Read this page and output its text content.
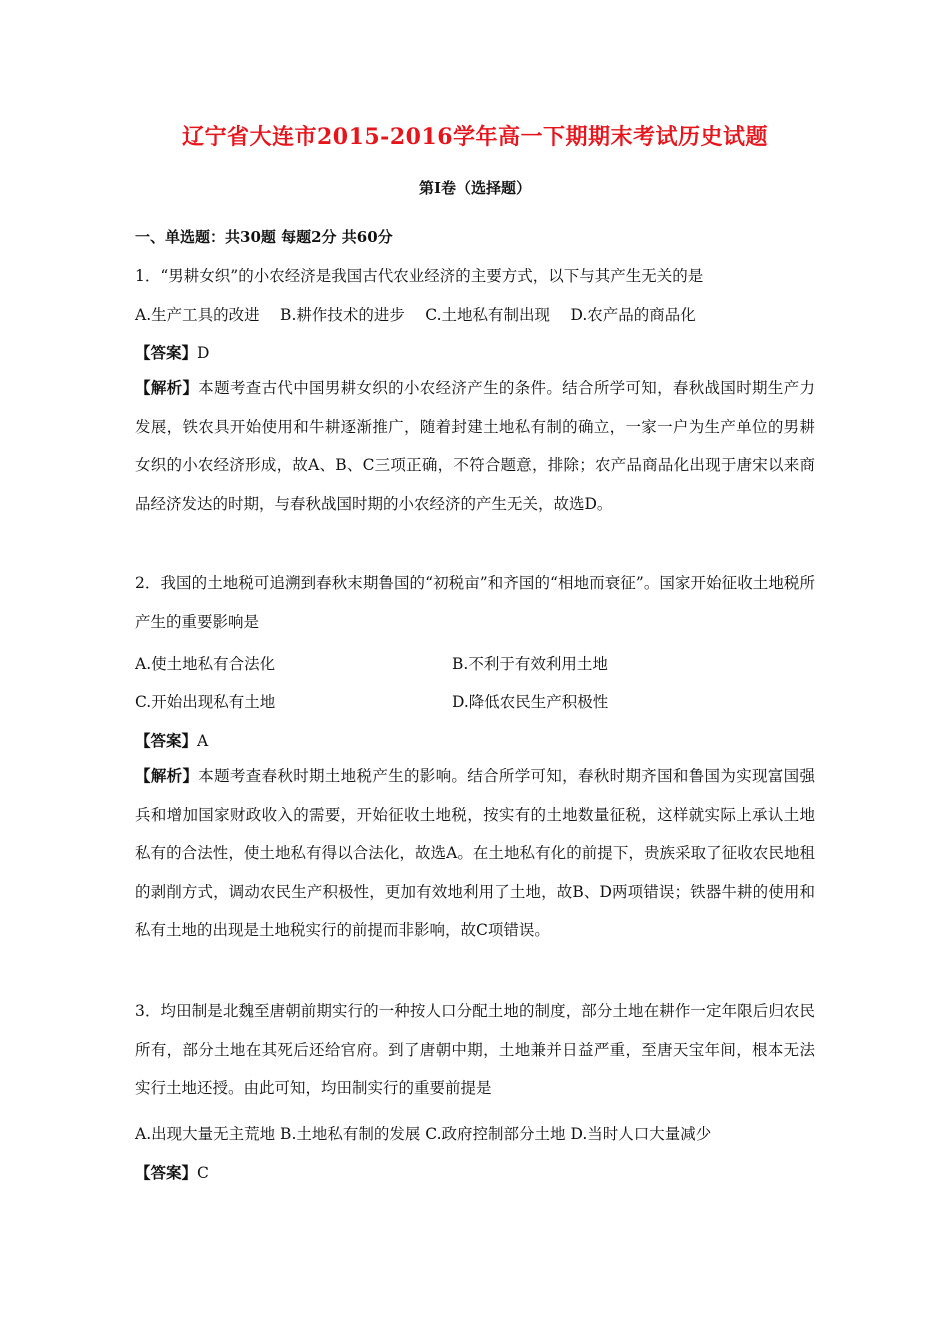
辽宁省大连市2015-2016学年高一下期期末考试历史试题
第Ⅰ卷（选择题）
一、单选题：共30题 每题2分 共60分
1．“男耕女织”的小农经济是我国古代农业经济的主要方式，以下与其产生无关的是
A.生产工具的改进　 B.耕作技术的进步　 C.土地私有制出现　 D.农产品的商品化
【答案】D
【解析】本题考查古代中国男耕女织的小农经济产生的条件。结合所学可知，春秋战国时期生产力发展，铁农具开始使用和牛耕逐渐推广，随着封建土地私有制的确立，一家一户为生产单位的男耕女织的小农经济形成，故A、B、C三项正确，不符合题意，排除；农产品商品化出现于唐宋以来商品经济发达的时期，与春秋战国时期的小农经济的产生无关，故选D。
2．我国的土地税可追溯到春秋末期鲁国的“初税亩”和齐国的“相地而衰征”。国家开始征收土地税所产生的重要影响是
A.使土地私有合法化	B.不利于有效利用土地
C.开始出现私有土地	D.降低农民生产积极性
【答案】A
【解析】本题考查春秋时期土地税产生的影响。结合所学可知，春秋时期齐国和鲁国为实现富国强兵和增加国家财政收入的需要，开始征收土地税，按实有的土地数量征税，这样就实际上承认土地私有的合法性，使土地私有得以合法化，故选A。在土地私有化的前提下，贵族采取了征收农民地租的剥削方式，调动农民生产积极性，更加有效地利用了土地，故B、D两项错误；铁器牛耕的使用和私有土地的出现是土地税实行的前提而非影响，故C项错误。
3．均田制是北魏至唐朝前期实行的一种按人口分配土地的制度，部分土地在耕作一定年限后归农民所有，部分土地在其死后还给官府。到了唐朝中期，土地兼并日益严重，至唐天宝年间，根本无法实行土地还授。由此可知，均田制实行的重要前提是
A.出现大量无主荒地 B.土地私有制的发展 C.政府控制部分土地 D.当时人口大量减少
【答案】C
